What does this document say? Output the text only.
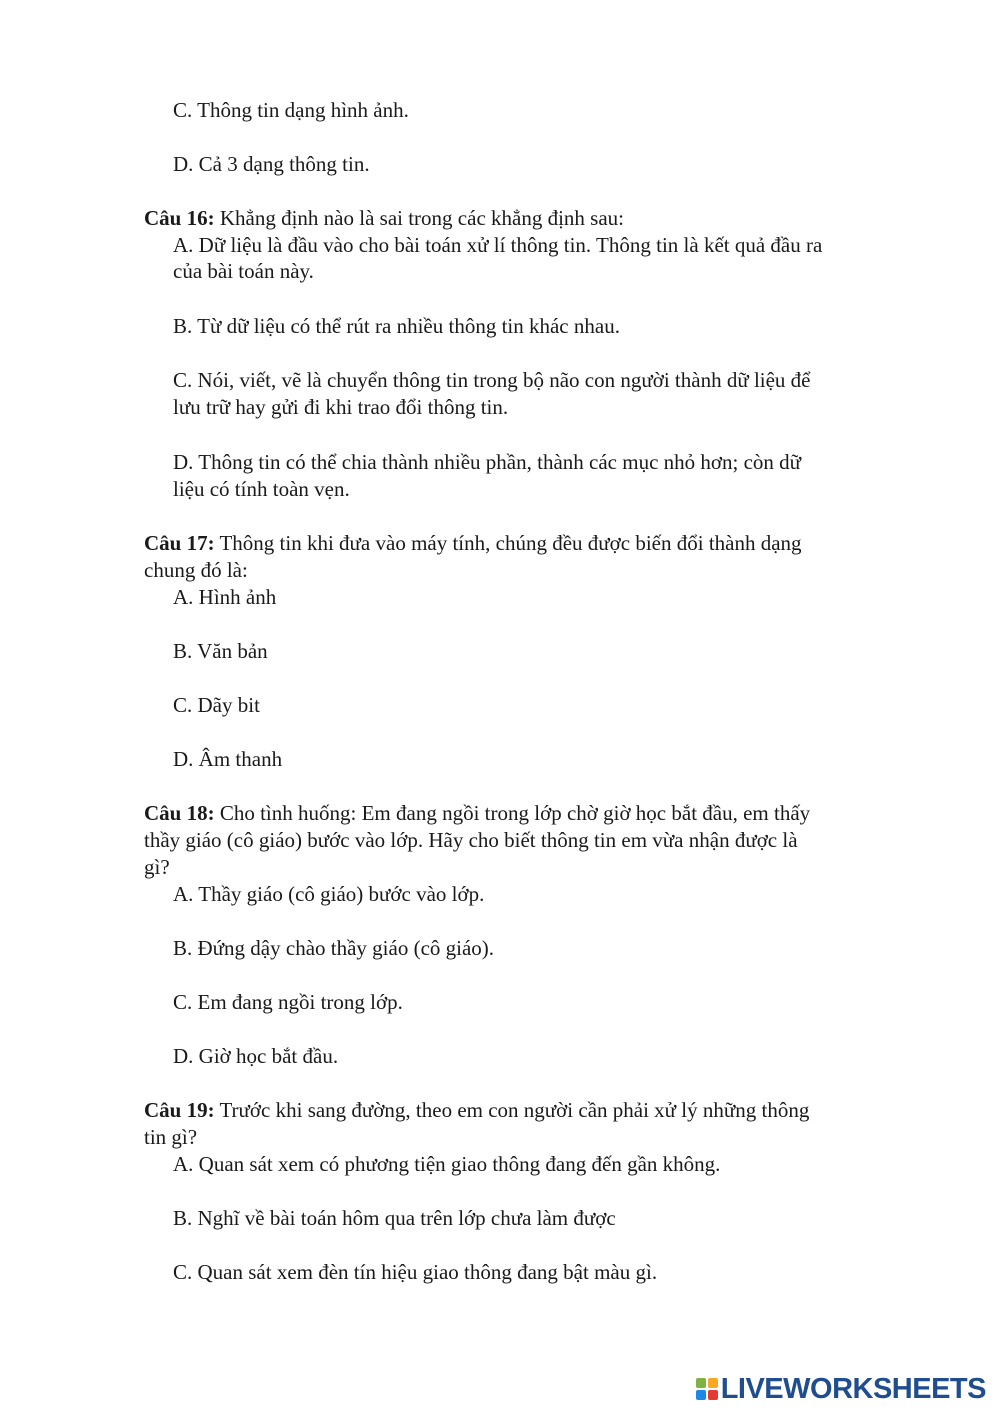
C. Thông tin dạng hình ảnh.
D. Cả 3 dạng thông tin.
Câu 16: Khẳng định nào là sai trong các khẳng định sau:
A. Dữ liệu là đầu vào cho bài toán xử lí thông tin. Thông tin là kết quả đầu ra
của bài toán này.
B. Từ dữ liệu có thể rút ra nhiều thông tin khác nhau.
C. Nói, viết, vẽ là chuyển thông tin trong bộ não con người thành dữ liệu để
lưu trữ hay gửi đi khi trao đổi thông tin.
D. Thông tin có thể chia thành nhiều phần, thành các mục nhỏ hơn; còn dữ
liệu có tính toàn vẹn.
Câu 17: Thông tin khi đưa vào máy tính, chúng đều được biến đổi thành dạng
chung đó là:
A. Hình ảnh
B. Văn bản
C. Dãy bit
D. Âm thanh
Câu 18: Cho tình huống: Em đang ngồi trong lớp chờ giờ học bắt đầu, em thấy
thầy giáo (cô giáo) bước vào lớp. Hãy cho biết thông tin em vừa nhận được là
gì?
A. Thầy giáo (cô giáo) bước vào lớp.
B. Đứng dậy chào thầy giáo (cô giáo).
C. Em đang ngồi trong lớp.
D. Giờ học bắt đầu.
Câu 19: Trước khi sang đường, theo em con người cần phải xử lý những thông
tin gì?
A. Quan sát xem có phương tiện giao thông đang đến gần không.
B. Nghĩ về bài toán hôm qua trên lớp chưa làm được
C. Quan sát xem đèn tín hiệu giao thông đang bật màu gì.
LIVEWORKSHEETS
